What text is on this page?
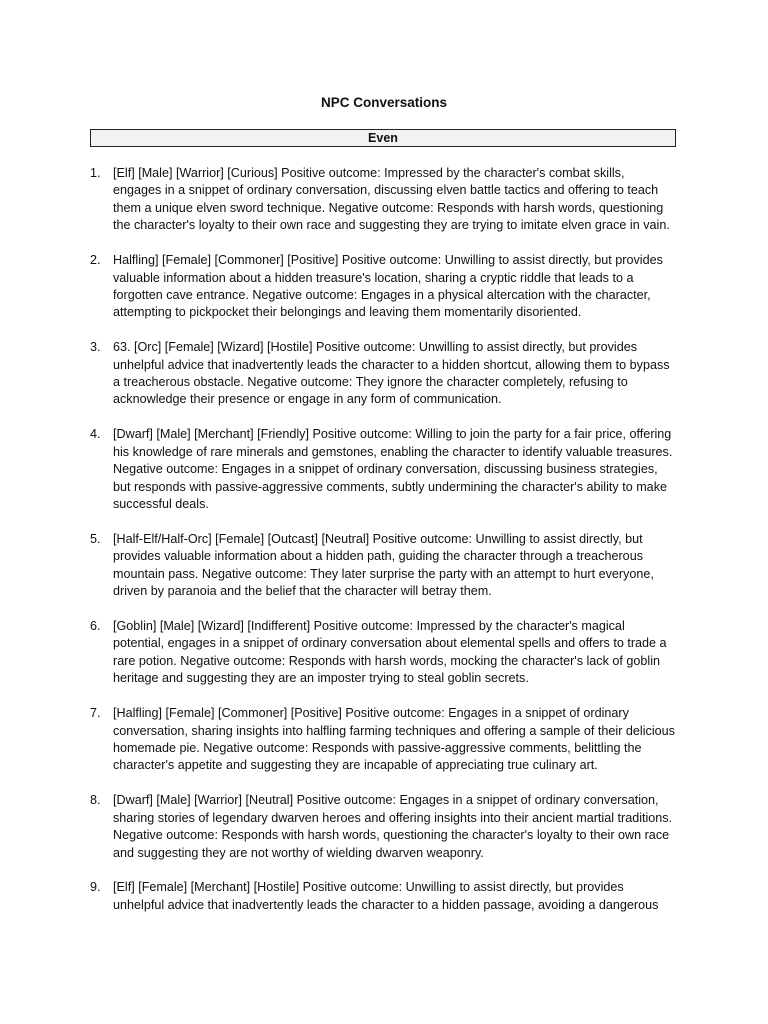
NPC Conversations
Even
1. [Elf] [Male] [Warrior] [Curious] Positive outcome: Impressed by the character's combat skills, engages in a snippet of ordinary conversation, discussing elven battle tactics and offering to teach them a unique elven sword technique. Negative outcome: Responds with harsh words, questioning the character's loyalty to their own race and suggesting they are trying to imitate elven grace in vain.
2. Halfling] [Female] [Commoner] [Positive] Positive outcome: Unwilling to assist directly, but provides valuable information about a hidden treasure's location, sharing a cryptic riddle that leads to a forgotten cave entrance. Negative outcome: Engages in a physical altercation with the character, attempting to pickpocket their belongings and leaving them momentarily disoriented.
3. 63. [Orc] [Female] [Wizard] [Hostile] Positive outcome: Unwilling to assist directly, but provides unhelpful advice that inadvertently leads the character to a hidden shortcut, allowing them to bypass a treacherous obstacle. Negative outcome: They ignore the character completely, refusing to acknowledge their presence or engage in any form of communication.
4. [Dwarf] [Male] [Merchant] [Friendly] Positive outcome: Willing to join the party for a fair price, offering his knowledge of rare minerals and gemstones, enabling the character to identify valuable treasures. Negative outcome: Engages in a snippet of ordinary conversation, discussing business strategies, but responds with passive-aggressive comments, subtly undermining the character's ability to make successful deals.
5. [Half-Elf/Half-Orc] [Female] [Outcast] [Neutral] Positive outcome: Unwilling to assist directly, but provides valuable information about a hidden path, guiding the character through a treacherous mountain pass. Negative outcome: They later surprise the party with an attempt to hurt everyone, driven by paranoia and the belief that the character will betray them.
6. [Goblin] [Male] [Wizard] [Indifferent] Positive outcome: Impressed by the character's magical potential, engages in a snippet of ordinary conversation about elemental spells and offers to trade a rare potion. Negative outcome: Responds with harsh words, mocking the character's lack of goblin heritage and suggesting they are an imposter trying to steal goblin secrets.
7. [Halfling] [Female] [Commoner] [Positive] Positive outcome: Engages in a snippet of ordinary conversation, sharing insights into halfling farming techniques and offering a sample of their delicious homemade pie. Negative outcome: Responds with passive-aggressive comments, belittling the character's appetite and suggesting they are incapable of appreciating true culinary art.
8. [Dwarf] [Male] [Warrior] [Neutral] Positive outcome: Engages in a snippet of ordinary conversation, sharing stories of legendary dwarven heroes and offering insights into their ancient martial traditions. Negative outcome: Responds with harsh words, questioning the character's loyalty to their own race and suggesting they are not worthy of wielding dwarven weaponry.
9. [Elf] [Female] [Merchant] [Hostile] Positive outcome: Unwilling to assist directly, but provides unhelpful advice that inadvertently leads the character to a hidden passage, avoiding a dangerous
